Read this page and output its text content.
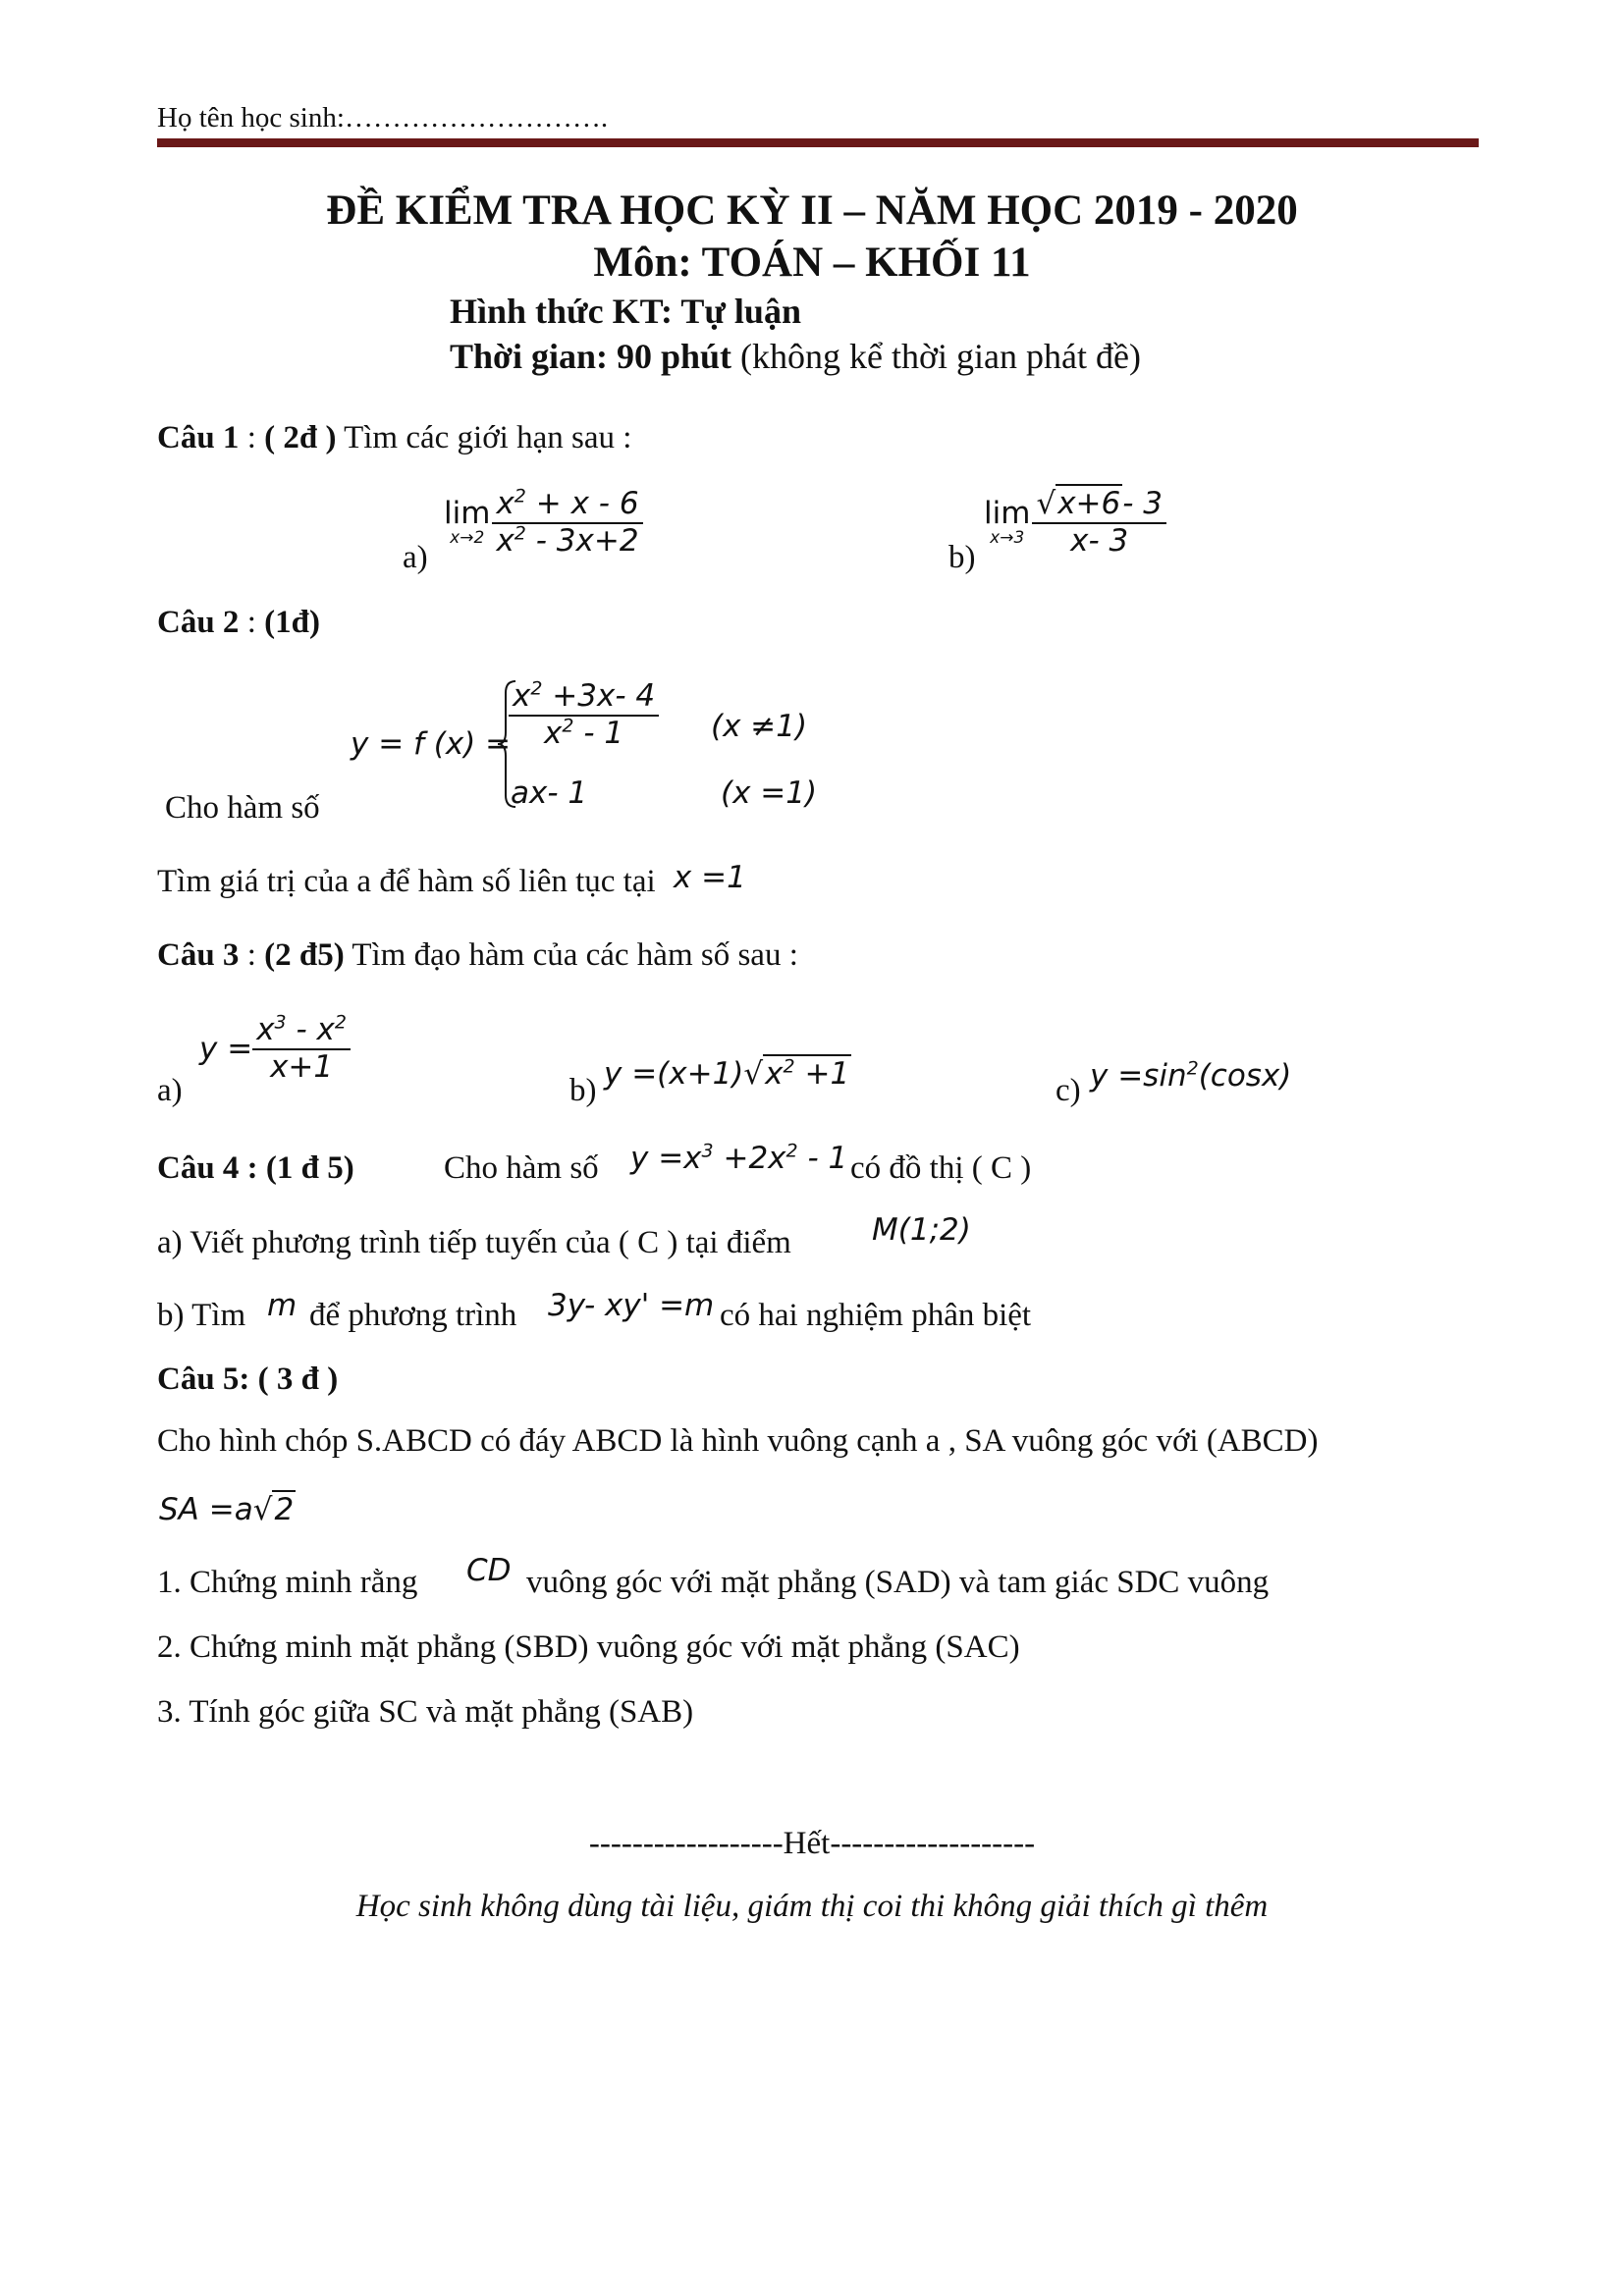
Họ tên học sinh:……………………….
ĐỀ KIỂM TRA HỌC KỲ II – NĂM HỌC 2019 - 2020
Môn: TOÁN – KHỐI 11
Hình thức KT: Tự luận
Thời gian: 90 phút (không kể thời gian phát đề)
Câu 1 : ( 2đ ) Tìm các giới hạn sau :
a)
lim
$x\to 2 \frac{x^2 + x - 6}{x^2 - 3x+2}$	b)
lim
$x\to 3 \frac{√x+6- 3}{x- 3}$
Câu 2 : (1đ)
Cho hàm số
y = f (x) =
$\frac{x^2 +3x- 4}{x^2 - 1} (x \ne 1)$
ax- 1	(x =1)
Tìm giá trị của a để hàm số liên tục tại x =1
Câu 3 : (2 đ5) Tìm đạo hàm của các hàm số sau :
a)
$y = \frac{x^3 - x^2}{x+1}$
b) $y =(x+1)√x^2 +1$	c) $y =\sin^2(\cos x)$
Câu 4 : (1 đ 5)	Cho hàm số $y =x^3 +2x^2 - 1$ có đồ thị ( C )
a) Viết phương trình tiếp tuyến của ( C ) tại điểm	M(1;2)
b) Tìm m để phương trình 3y- xy' =m có hai nghiệm phân biệt
Câu 5: ( 3 đ )
Cho hình chóp S.ABCD có đáy ABCD là hình vuông cạnh a , SA vuông góc với (ABCD)
SA =a√2
1. Chứng minh rằng CD vuông góc với mặt phẳng (SAD) và tam giác SDC vuông
2. Chứng minh mặt phẳng (SBD) vuông góc với mặt phẳng (SAC)
3. Tính góc giữa SC và mặt phẳng (SAB)
------------------Hết-------------------
Học sinh không dùng tài liệu, giám thị coi thi không giải thích gì thêm
